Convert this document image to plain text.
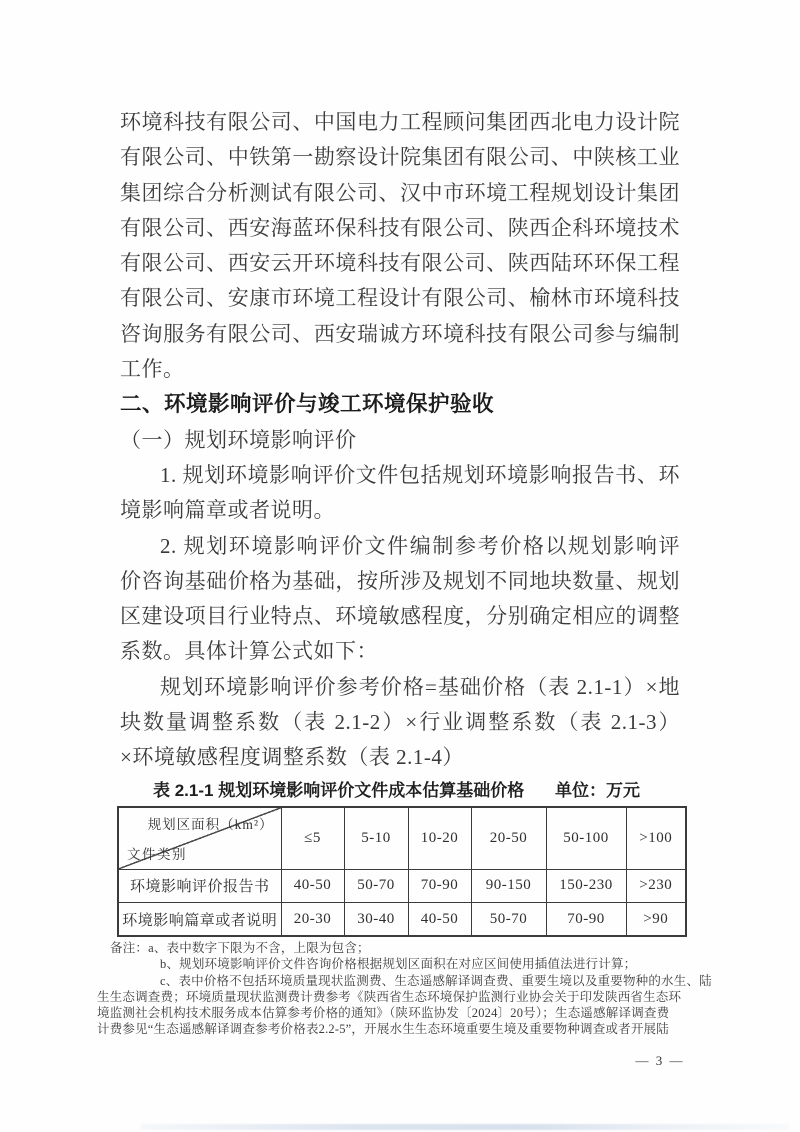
环境科技有限公司、中国电力工程顾问集团西北电力设计院
有限公司、中铁第一勘察设计院集团有限公司、中陕核工业
集团综合分析测试有限公司、汉中市环境工程规划设计集团
有限公司、西安海蓝环保科技有限公司、陕西企科环境技术
有限公司、西安云开环境科技有限公司、陕西陆环环保工程
有限公司、安康市环境工程设计有限公司、榆林市环境科技
咨询服务有限公司、西安瑞诚方环境科技有限公司参与编制
工作。
二、环境影响评价与竣工环境保护验收
（一）规划环境影响评价
1. 规划环境影响评价文件包括规划环境影响报告书、环
境影响篇章或者说明。
2. 规划环境影响评价文件编制参考价格以规划影响评
价咨询基础价格为基础，按所涉及规划不同地块数量、规划
区建设项目行业特点、环境敏感程度，分别确定相应的调整
系数。具体计算公式如下：
规划环境影响评价参考价格=基础价格（表 2.1-1）×地
块数量调整系数（表 2.1-2）×行业调整系数（表 2.1-3）
×环境敏感程度调整系数（表 2.1-4）
表 2.1-1 规划环境影响评价文件成本估算基础价格 单位：万元
规划区面积（km²）
文件类别	≤5	5-10	10-20	20-50	50-100	>100
环境影响评价报告书	40-50	50-70	70-90	90-150	150-230	>230
环境影响篇章或者说明	20-30	30-40	40-50	50-70	70-90	>90
备注：a、表中数字下限为不含，上限为包含；
b、规划环境影响评价文件咨询价格根据规划区面积在对应区间使用插值法进行计算；
c、表中价格不包括环境质量现状监测费、生态遥感解译调查费、重要生境以及重要物种的水生、陆
生生态调查费；环境质量现状监测费计费参考《陕西省生态环境保护监测行业协会关于印发陕西省生态环
境监测社会机构技术服务成本估算参考价格的通知》（陕环监协发〔2024〕20号）；生态遥感解译调查费
计费参见“生态遥感解译调查参考价格表2.2-5”，开展水生生态环境重要生境及重要物种调查或者开展陆
— 3 —
